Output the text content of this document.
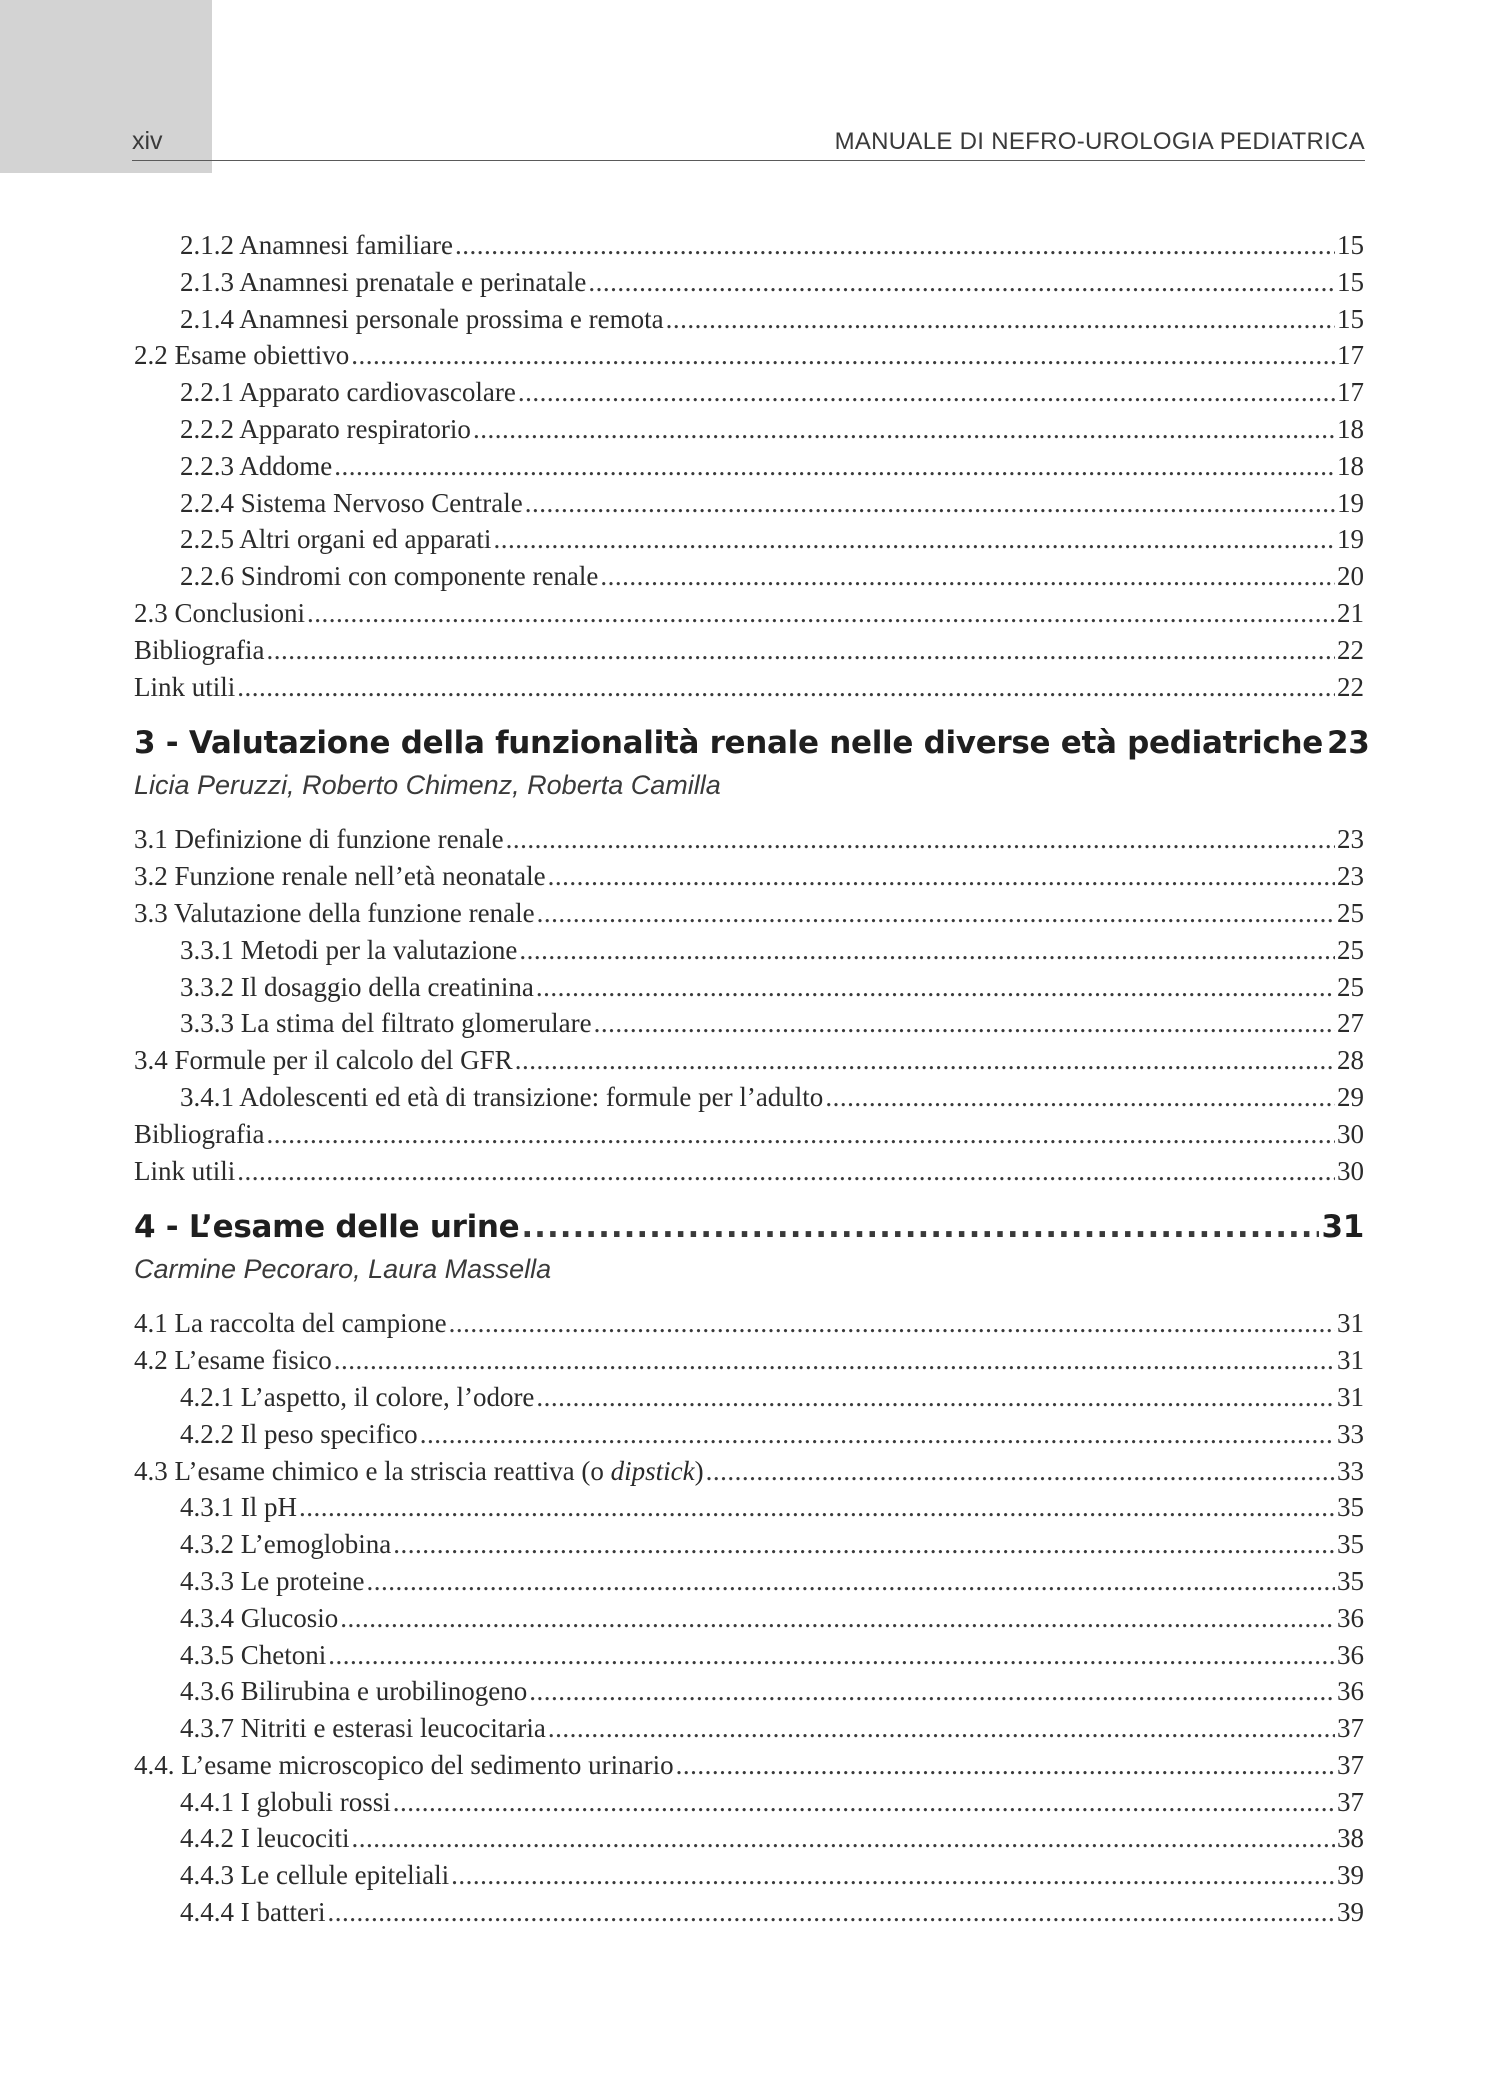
xiv	MANUALE DI NEFRO-UROLOGIA PEDIATRICA
2.1.2 Anamnesi familiare .....	15
2.1.3 Anamnesi prenatale e perinatale .....	15
2.1.4 Anamnesi personale prossima e remota .....	15
2.2 Esame obiettivo .....	17
2.2.1 Apparato cardiovascolare .....	17
2.2.2 Apparato respiratorio .....	18
2.2.3 Addome .....	18
2.2.4 Sistema Nervoso Centrale .....	19
2.2.5 Altri organi ed apparati .....	19
2.2.6 Sindromi con componente renale .....	20
2.3 Conclusioni .....	21
Bibliografia .....	22
Link utili .....	22
3 - Valutazione della funzionalità renale nelle diverse età pediatriche 23
Licia Peruzzi, Roberto Chimenz, Roberta Camilla
3.1 Definizione di funzione renale .....	23
3.2 Funzione renale nell’età neonatale .....	23
3.3 Valutazione della funzione renale .....	25
3.3.1 Metodi per la valutazione .....	25
3.3.2 Il dosaggio della creatinina .....	25
3.3.3 La stima del filtrato glomerulare .....	27
3.4 Formule per il calcolo del GFR .....	28
3.4.1 Adolescenti ed età di transizione: formule per l’adulto .....	29
Bibliografia .....	30
Link utili .....	30
4 - L’esame delle urine .....	31
Carmine Pecoraro, Laura Massella
4.1 La raccolta del campione .....	31
4.2 L’esame fisico .....	31
4.2.1 L’aspetto, il colore, l’odore .....	31
4.2.2 Il peso specifico .....	33
4.3 L’esame chimico e la striscia reattiva (o dipstick) .....	33
4.3.1 Il pH .....	35
4.3.2 L’emoglobina .....	35
4.3.3 Le proteine .....	35
4.3.4 Glucosio .....	36
4.3.5 Chetoni .....	36
4.3.6 Bilirubina e urobilinogeno .....	36
4.3.7 Nitriti e esterasi leucocitaria .....	37
4.4. L’esame microscopico del sedimento urinario .....	37
4.4.1 I globuli rossi .....	37
4.4.2 I leucociti .....	38
4.4.3 Le cellule epiteliali .....	39
4.4.4 I batteri .....	39
